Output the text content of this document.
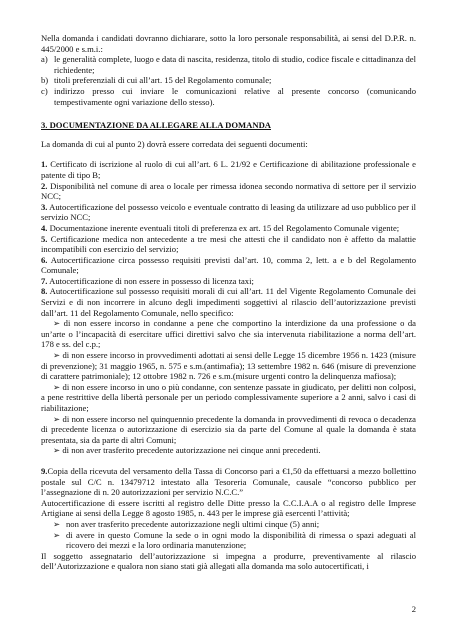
Nella domanda i candidati dovranno dichiarare, sotto la loro personale responsabilità, ai sensi del D.P.R. n. 445/2000 e s.m.i.:

a) le generalità complete, luogo e data di nascita, residenza, titolo di studio, codice fiscale e cittadinanza del richiedente;
b) titoli preferenziali di cui all’art. 15 del Regolamento comunale;
c) indirizzo presso cui inviare le comunicazioni relative al presente concorso (comunicando tempestivamente ogni variazione dello stesso).

3. DOCUMENTAZIONE DA ALLEGARE ALLA DOMANDA

La domanda di cui al punto 2) dovrà essere corredata dei seguenti documenti:

1. Certificato di iscrizione al ruolo di cui all’art. 6 L. 21/92 e Certificazione di abilitazione professionale e patente di tipo B;

2. Disponibilità nel comune di area o locale per rimessa idonea secondo normativa di settore per il servizio NCC;

3. Autocertificazione del possesso veicolo e eventuale contratto di leasing da utilizzare ad uso pubblico per il servizio NCC;

4. Documentazione inerente eventuali titoli di preferenza ex art. 15 del Regolamento Comunale vigente;

5. Certificazione medica non antecedente a tre mesi che attesti che il candidato non è affetto da malattie incompatibili con esercizio del servizio;

6. Autocertificazione circa possesso requisiti previsti dal’art. 10, comma 2, lett. a e b del Regolamento Comunale;

7. Autocertificazione di non essere in possesso di licenza taxi;

8. Autocertificazione sul possesso requisiti morali di cui all’art. 11 del Vigente Regolamento Comunale dei Servizi e di non incorrere in alcuno degli impedimenti soggettivi al rilascio dell’autorizzazione previsti dall’art. 11 del Regolamento Comunale, nello specifico:

➢ di non essere incorso in condanne a pene che comportino la interdizione da una professione o da un’arte o l’incapacità di esercitare uffici direttivi salvo che sia intervenuta riabilitazione a norma dell’art. 178 e ss. del c.p.;

➢ di non essere incorso in provvedimenti adottati ai sensi delle Legge 15 dicembre 1956 n. 1423 (misure di prevenzione); 31 maggio 1965, n. 575 e s.m.(antimafia); 13 settembre 1982 n. 646 (misure di prevenzione di carattere patrimoniale); 12 ottobre 1982 n. 726 e s.m.(misure urgenti contro la delinquenza mafiosa);

➢ di non essere incorso in uno o più condanne, con sentenze passate in giudicato, per delitti non colposi, a pene restrittive della libertà personale per un periodo complessivamente superiore a 2 anni, salvo i casi di riabilitazione;

➢ di non essere incorso nel quinquennio precedente la domanda in provvedimenti di revoca o decadenza di precedente licenza o autorizzazione di esercizio sia da parte del Comune al quale la domanda è stata presentata, sia da parte di altri Comuni;

➢ di non aver trasferito precedente autorizzazione nei cinque anni precedenti.

9.Copia della ricevuta del versamento della Tassa di Concorso pari a €1,50 da effettuarsi a mezzo bollettino postale sul C/C n. 13479712 intestato alla Tesoreria Comunale, causale “concorso pubblico per l’assegnazione di n. 20 autorizzazioni per servizio N.C.C.”

Autocertificazione di essere iscritti al registro delle Ditte presso la C.C.I.A.A o al registro delle Imprese Artigiane ai sensi della Legge 8 agosto 1985, n. 443 per le imprese già esercenti l’attività;

➢ non aver trasferito precedente autorizzazione negli ultimi cinque (5) anni;
➢ di avere in questo Comune la sede o in ogni modo la disponibilità di rimessa o spazi adeguati al ricovero dei mezzi e la loro ordinaria manutenzione;

Il soggetto assegnatario dell’autorizzazione si impegna a produrre, preventivamente al rilascio dell’Autorizzazione e qualora non siano stati già allegati alla domanda ma solo autocertificati, i

2
